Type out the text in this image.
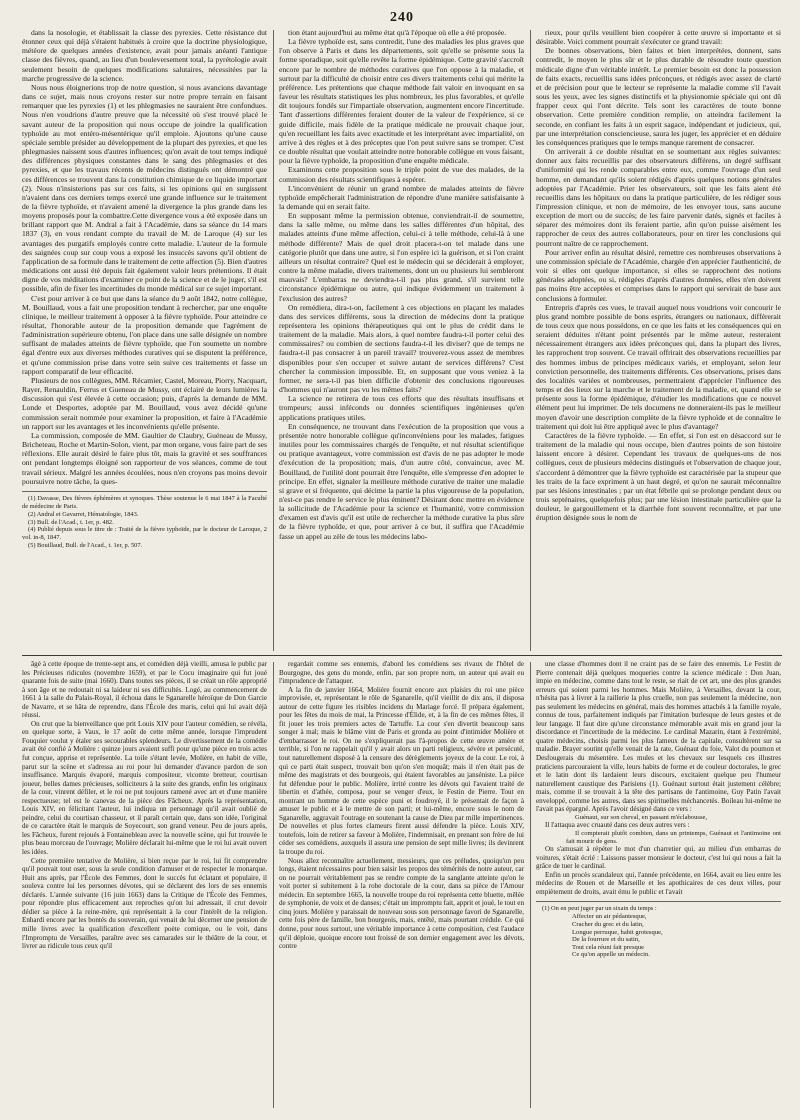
240

dans la nosologie, et établissait la classe des pyrexies. Cette résistance dut étonner ceux qui déjà s'étaient habitués à croire que la doctrine physiologique, météore de quelques années d'existence, avait pour jamais anéanti l'antique classe des fièvres, quand, au lieu d'un bouleversement total, la pyrétologie avait seulement besoin de quelques modifications salutaires, nécessitées par la marche progressive de la science.

Nous nous éloignerions trop de notre question, si nous avancions davantage dans ce sujet, mais nous croyons rester sur notre propre terrain en faisant remarquer que les pyrexies (1) et les phlegmasies ne sauraient être confondues. Nous n'en voudrions d'autre preuve que la nécessité où s'est trouvé placé le savant auteur de la proposition qui nous occupe de joindre la qualification typhoïde au mot entéro-mésentérique qu'il emploie. Ajoutons qu'une cause spéciale semble présider au développement de la plupart des pyrexies, et que les phlegmasies naissent sous d'autres influences; qu'on avait de tout temps indiqué des différences physiques constantes dans le sang des phlegmasies et des pyrexies, et que les travaux récents de médecins distingués ont démontré que ces différences se trouvent dans la constitution chimique de ce liquide important (2). Nous n'insisterions pas sur ces faits, si les opinions qui en surgissent n'avaient dans ces derniers temps exercé une grande influence sur le traitement de la fièvre typhoïde, et n'avaient amené la divergence la plus grande dans les moyens proposés pour la combattre.Cette divergence vous a été exposée dans un brillant rapport que M. Andral a fait à l'Académie, dans sa séance du 14 mars 1837 (3), en vous rendant compte du travail de M. de Laroque (4) sur les avantages des purgatifs employés contre cette maladie. L'auteur de la formule des saignées coup sur coup vous a exposé les insuccès savons qu'il obtient de l'application de sa formule dans le traitement de cette affection (5). Bien d'autres médications ont aussi été depuis fait également valoir leurs prétentions. Il était digne de vos méditations d'examiner ce point de la science et de le juger, s'il est possible, afin de fixer les incertitudes du monde médical sur ce sujet important.

C'est pour arriver à ce but que dans la séance du 9 août 1842, notre collègue, M. Bouillaud, vous a fait une proposition tendant à rechercher, par une enquête clinique, le meilleur traitement à opposer à la fièvre typhoïde. Pour atteindre ce résultat, l'honorable auteur de la proposition demande que l'agrément de l'administration supérieure obtenu, l'on place dans une salle désignée un nombre suffisant de malades atteints de fièvre typhoïde, que l'on soumette un nombre égal d'entre eux aux diverses méthodes curatives qui se disputent la préférence, et qu'une commission prise dans votre sein suive ces traitements et fasse un rapport comparatif de leur efficacité.

Plusieurs de nos collègues, MM. Récamier, Castel, Moreau, Piorry, Nacquart, Rayer, Renauldin, Ferrus et Gueneau de Mussy, ont éclairé de leurs lumières la discussion qui s'est élevée à cette occasion; puis, d'après la demande de MM. Londe et Desportes, adoptée par M. Bouillaud, vous avez décidé qu'une commission serait nommée pour examiner la proposition, et faire à l'Académie un rapport sur les avantages et les inconvénients qu'elle présente.

La commission, composée de MM. Gaultier de Claubry, Guéneau de Mussy, Bricheteau, Roche et Martin-Solon, vient, par mon organe, vous faire part de ses réflexions. Elle aurait désiré le faire plus tôt, mais la gravité et ses souffrances ont pendant longtemps éloigné son rapporteur de vos séances, comme de tout travail sérieux. Malgré les années écoulées, nous n'en croyons pas moins devoir poursuivre notre tâche, la ques-

(1) Davasse, Des fièvres éphémères et synoques. Thèse soutenue le 6 mai 1847 à la Faculté de médecine de Paris.
(2) Andral et Gavarret, Hématologie, 1843.
(3) Bull. de l'Acad., t. 1er, p. 482.
(4) Publié depuis sous le titre de : Traité de la fièvre typhoïde, par le docteur de Laroque, 2 vol. in-8, 1847.
(5) Bouillaud, Bull. de l'Acad., t. 1er, p. 507.

tion étant aujourd'hui au même état qu'à l'époque où elle a été proposée.

La fièvre typhoïde est, sans contredit, l'une des maladies les plus graves que l'on observe à Paris et dans les départements, soit qu'elle se présente sous la forme sporadique, soit qu'elle revête la forme épidémique. Cette gravité s'accroît encore par le nombre de méthodes curatives que l'on oppose à la maladie, et surtout par la difficulté de choisir entre ces divers traitements celui qui mérite la préférence. Les prétentions que chaque méthode fait valoir en invoquant en sa faveur les résultats statistiques les plus nombreux, les plus favorables, et qu'elle dit toujours fondés sur l'impartiale observation, augmentent encore l'incertitude. Tant d'assertions différentes feraient douter de la valeur de l'expérience, si ce guide difficile, mais fidèle de la pratique médicale ne prouvait chaque jour, qu'en recueillant les faits avec exactitude et les interprétant avec impartialité, on arrive à des règles et à des préceptes que l'on peut suivre sans se tromper. C'est ce double résultat que voulait atteindre notre honorable collègue en vous faisant, pour la fièvre typhoïde, la proposition d'une enquête médicale.

Examinons cette proposition sous le triple point de vue des malades, de la commission des résultats scientifiques à espérer.

L'inconvénient de réunir un grand nombre de malades atteints de fièvre typhoïde empêcherait l'administration de répondre d'une manière satisfaisante à la demande qui en serait faite.

En supposant même la permission obtenue, conviendrait-il de soumettre, dans la salle même, ou même dans les salles différentes d'un hôpital, des malades atteints d'une même affection, celui-ci à telle méthode, celui-là à une méthode différente? Mais de quel droit placera-t-on tel malade dans une catégorie plutôt que dans une autre, si l'on espère ici la guérison, et si l'on craint ailleurs un résultat contraire? Quel est le médecin qui se déciderait à employer, contre la même maladie, divers traitements, dont un ou plusieurs lui sembleront mauvais? L'embarras ne deviendra-t-il pas plus grand, s'il survient telle circonstance épidémique ou autre, qui indique évidemment un traitement à l'exclusion des autres?

On remédiera, dira-t-on, facilement à ces objections en plaçant les malades dans des services différents, sous la direction de médecins dont la pratique représentera les opinions thérapeutiques qui ont le plus de crédit dans le traitement de la maladie. Mais alors, à quel nombre faudra-t-il porter celui des commissaires? ou combien de sections faudra-t-il les diviser? que de temps ne faudra-t-il pas consacrer à un pareil travail? trouverez-vous assez de membres disponibles pour s'en occuper et suivre autant de services différens? C'est chercher la commission impossible. Et, en supposant que vous veniez à la former, ne sera-t-il pas bien difficile d'obtenir des conclusions rigoureuses d'hommes qui n'auront pas vu les mêmes faits?

La science ne retirera de tous ces efforts que des résultats insuffisans et trompeurs; aussi inféconds ou données scientifiques ingénieuses qu'en applications pratiques utiles.

En conséquence, ne trouvant dans l'exécution de la proposition que vous a présentée notre honorable collègue qu'inconvéniens pour les malades, fatigues inutiles pour les commissaires chargés de l'enquête, et nul résultat scientifique ou pratique avantageux, votre commission est d'avis de ne pas adopter le mode d'exécution de la proposition; mais, d'un autre côté, convaincue, avec M. Bouillaud, de l'utilité dont pourrait être l'enquête, elle s'empresse d'en adopter le principe. En effet, signaler la meilleure méthode curative de traiter une maladie si grave et si fréquente, qui décime la partie la plus vigoureuse de la population, n'est-ce pas rendre le service le plus éminent? Désirant donc mettre en évidence la sollicitude de l'Académie pour la science et l'humanité, votre commission d'examen est d'avis qu'il est utile de rechercher la méthode curative la plus sûre de la fièvre typhoïde, et que, pour arriver à ce but, il suffira que l'Académie fasse un appel au zèle de tous les médecins labo-

rieux, pour qu'ils veuillent bien coopérer à cette œuvre si importante et si désirable. Voici comment pourrait s'exécuter ce grand travail:

De bonnes observations, bien faites et bien interprétées, donnent, sans contredit, le moyen le plus sûr et le plus durable de résoudre toute question médicale digne d'un véritable intérêt. Le premier besoin est donc la possession de faits exacts, recueillis sans idées préconçues, et rédigés avec assez de clarté et de précision pour que le lecteur se représente la maladie comme s'il l'avait sous les yeux, avec les signes distinctifs et la physionomie spéciale qui ont dû frapper ceux qui l'ont décrite. Tels sont les caractères de toute bonne observation. Cette première condition remplie, on atteindra facilement la seconde, en confiant les faits à un esprit sagace, indépendant et judicieux, qui, par une interprétation consciencieuse, saura les juger, les apprécier et en déduire les conséquences pratiques que le temps manque rarement de consacrer.

On arriverait à ce double résultat en se soumettant aux règles suivantes: donner aux faits recueillis par des observateurs différens, un degré suffisant d'uniformité qui les rende comparables entre eux, comme l'ouvrage d'un seul homme, en demandant qu'ils soient rédigés d'après quelques notions générales adoptées par l'Académie. Prier les observateurs, soit que les faits aient été recueillis dans les hôpitaux ou dans la pratique particulière, de les rédiger sous l'impression clinique, et non de mémoire, de les envoyer tous, sans aucune exception de mort ou de succès; de les faire parvenir datés, signés et faciles à séparer des mémoires dont ils feraient partie, afin qu'on puisse aisément les rapprocher de ceux des autres collaborateurs, pour en tirer les conclusions qui pourront naître de ce rapprochement.

Pour arriver enfin au résultat désiré, remettre ces nombreuses observations à une commission spéciale de l'Académie, chargée d'en apprécier l'authenticité, de voir si elles ont quelque importance, si elles se rapprochent des notions générales adoptées, ou si, rédigées d'après d'autres données, elles n'en doivent pas moins être acceptées et comprises dans le rapport qui servirait de base aux conclusions à formuler.

Entrepris d'après ces vues, le travail auquel nous voudrions voir concourir le plus grand nombre possible de bons esprits, étrangers ou nationaux, différerait de tous ceux que nous possédons, en ce que les faits et les conséquences qui en seraient déduites n'étant point présentés par le même auteur, resteraient nécessairement étrangers aux idées préconçues qui, dans la plupart des livres, les rapprochent trop souvent. Ce travail offrirait des observations recueillies par des hommes imbus de principes médicaux variés, et employant, selon leur conviction personnelle, des traitements différents. Ces observations, prises dans des localités variées et nombreuses, permettraient d'apprécier l'influence des temps et des lieux sur la marche et le traitement de la maladie, et, quand elle se présente sous la forme épidémique, d'étudier les modifications que ce nouvel élément peut lui imprimer. De tels documens ne donneraient-ils pas le meilleur moyen d'avoir une description complète de la fièvre typhoïde et de connaître le traitement qui doit lui être appliqué avec le plus d'avantage?

Caractères de la fièvre typhoïde. — En effet, si l'on est en désaccord sur le traitement de la maladie qui nous occupe, bien d'autres points de son histoire laissent encore à désirer. Cependant les travaux de quelques-uns de nos collègues, ceux de plusieurs médecins distingués et l'observation de chaque jour, s'accordent à démontrer que la fièvre typhoïde est caractérisée par la stupeur que les traits de la face expriment à un haut degré, et qu'on ne saurait méconnaître par ses lésions intestinales ; par un état fébrile qui se prolonge pendant deux ou trois septénaires, quelquefois plus; par une lésion intestinale particulière que la douleur, le gargouillement et la diarrhée font souvent reconnaître, et par une éruption désignée sous le nom de

âgé à cette époque de trente-sept ans, et comédien déjà vieilli, amusa le public par les Précieuses ridicules (novembre 1659), et par le Cocu imaginaire qui fut joué quarante fois de suite (mai 1660). Dans toutes ses pièces, il se créait un rôle approprié à son âge et ne redoutait ni sa laideur ni ses difficultés. Logé, au commencement de 1661 à la salle du Palais-Royal, il échoua dans le Sganarelle héroïque de Don Garcie de Navarre, et se hâta de reprendre, dans l'École des maris, celui qui lui avait déjà réussi.

On crut que la bienveillance que prit Louis XIV pour l'auteur comédien, se révéla, en quelque sorte, à Vaux, le 17 août de cette même année, lorsque l'imprudent Fouquier voulut y étaler ses secourables splendeurs. Le divertissement de la comédie avait été confié à Molière : quinze jours avaient suffi pour qu'une pièce en trois actes fut conçue, apprise et représentée. La toile s'étant levée, Molière, en habit de ville, parut sur la scène et s'adressa au roi pour lui demander d'avance pardon de son insuffisance. Marquis évaporé, marquis compositeur, vicomte bretteur, courtisan joueur, belles dames précieuses, solliciteurs à la suite des grands, enfin les originaux de la cour, vinrent défiler, et le roi ne put toujours ramené avec art et d'une manière respectueuse; tel est le canevas de la pièce des Fâcheux. Après la représentation, Louis XIV, en félicitant l'auteur, lui indiqua un personnage qu'il avait oublié de peindre, celui du courtisan chasseur, et il paraît certain que, dans son idée, l'original de ce caractère était le marquis de Soyecourt, son grand veneur. Peu de jours après, les Fâcheux, furent rejoués à Fontainebleau avec la nouvelle scène, qui fut trouvée le plus beau morceau de l'ouvrage; Molière déclarait lui-même que le roi lui avait ouvert les idées.

Cette première tentative de Molière, si bien reçue par le roi, lui fit comprendre qu'il pouvait tout oser, sous la seule condition d'amuser et de respecter le monarque. Huit ans après, par l'École des Femmes, dont le succès fut éclatant et populaire, il souleva contre lui les personnes dévotes, qui se déclarent des lors de ses ennemis déclarés. L'année suivante (16 juin 1663) dans la Critique de l'École des Femmes, pour répondre plus efficacement aux reproches qu'on lui adressait, il crut devoir dédier sa pièce à la reine-mère, qui représentait à la cour l'intérêt de la religion. Enhardi encore par les bontés du souverain, qui venait de lui décerner une pension de mille livres avec la qualification d'excellent poète comique, ou le voit, dans l'Impromptu de Versailles, paraître avec ses camarades sur le théâtre de la cour, et livrer au ridicule tous ceux qu'il

regardait comme ses ennemis, d'abord les comédiens ses rivaux de l'hôtel de Bourgogne, des gens du monde, enfin, par son propre nom, un auteur qui avait eu l'imprudence de l'attaquer.

A la fin de janvier 1664, Molière fournit encore aux plaisirs du roi une pièce improvisée, et, représentant le rôle de Sganarelle, qu'il vieillit de dix ans, il disposa autour de cette figure les risibles incidens du Mariage forcé. Il prépara également, pour les fêtes du mois de mai, la Princesse d'Élide, et, à la fin de ces mêmes fêtes, il fit jouer les trois premiers actes de Tartuffe. La cour s'en divertit beaucoup sans songer à mal; mais le blâme vint de Paris et gronda au point d'intimider Molière et d'embarrasser le roi. On ne s'expliquerait pas l'à-propos de cette œuvre amère et terrible, si l'on ne rappelait qu'il y avait alors un parti religieux, sévère et persécuté, tout naturellement disposé à la censure des dérèglements joyeux de la cour. Le roi, à qui ce parti était suspect, trouvait bon qu'on s'en moquât; mais il n'en était pas de même des magistrats et des bourgeois, qui étaient favorables au janséniste. La pièce fut défendue pour le public. Molière, irrité contre les dévots qui l'avaient traité de libertin et d'athée, composa, pour se venger d'eux, le Festin de Pierre. Tout en montrant un homme de cette espèce puni et foudroyé, il le présentait de façon à amuser le public et à le mettre de son parti; et lui-même, encore sous le nom de Sganarelle, aggravait l'outrage en soutenant la cause de Dieu par mille impertinences. De nouvelles et plus fortes clameurs firent aussi défendre la pièce. Louis XIV, toutefois, loin de retirer sa faveur à Molière, l'indemnisait, en prenant son frère de lui céder ses comédiens, auxquels il assura une pension de sept mille livres; ils devinrent la troupe du roi.

Nous allez reconnaître actuellement, messieurs, que ces préludes, quoiqu'un peu longs, étaient nécessaires pour bien saisir les propos des témérités de notre auteur, car on ne pourrait véritablement pas se rendre compte de la sanglante atteinte qu'on le voit porter si subitement à la robe doctorale de la cour, dans sa pièce de l'Amour médecin. En septembre 1665, la nouvelle troupe du roi représenta cette bluette, mêlée de symphonie, de voix et de danses; c'était un impromptu fait, apprit et joué, le tout en cinq jours. Molière y paraissait de nouveau sous son personnage favori de Sganarelle, cette fois père de famille, bon bourgeois, mais, entêté, mais pourtant crédule. Ce qui donne, pour nous surtout, une véritable importance à cette composition, c'est l'audace qu'il déploie, quoique encore tout froissé de son dernier engagement avec les dévots, contre

une classe d'hommes dont il ne craint pas de se faire des ennemis. Le Festin de Pierre contenait déjà quelques moqueries contre la science médicale : Don Juan, impie en médecine, comme dans tout le reste, se riait de cet art, une des plus grandes erreurs qui soient parmi les hommes. Mais Molière, à Versailles, devant la cour, n'hésita pas à livrer à la raillerie la plus cruelle, non pas seulement la médecine, non pas seulement les médecins en général, mais des hommes attachés à la famille royale, connus de tous, parfaitement indiqués par l'imitation burlesque de leurs gestes et de leur langage. Il faut dire qu'une circonstance mémorable avait mis en grand jour la discordance et l'incertitude de la médecine. Le cardinal Mazarin, étant à l'extrémité, quatre médecins, choisis parmi les plus fameux de la capitale, consultèrent sur sa maladie. Brayer soutint qu'elle venait de la rate, Guénaut du foie, Valot du poumon et Desfougerais du mésentère. Les mules et les chevaux sur lesquels ces illustres praticiens parcouraient la ville, leurs habits de forme et de couleur doctorales, le grec et le latin dont ils lardaient leurs discours, excitaient quelque peu l'humeur naturellement caustique des Parisiens (1). Guénaut surtout était justement célèbre; mais, comme il se trouvait à la tête des partisans de l'antimoine, Guy Patin l'avait enveloppé, comme les autres, dans ses spirituelles méchancetés. Boileau lui-même ne l'avait pas épargné. Après l'avoir désigné dans ce vers :

Guénaut, sur son cheval, en passant m'éclabousse,

Il l'attaqua avec cruauté dans ces deux autres vers :

Il compterait plutôt combien, dans un printemps, Guénaut et l'antimoine ont fait mourir de gens.

On s'amusait à répéter le mot d'un charretier qui, au milieu d'un embarras de voitures, s'était écrié : Laissons passer monsieur le docteur, c'est lui qui nous a fait la grâce de tuer le cardinal.

Enfin un procès scandaleux qui, l'année précédente, en 1664, avait eu lieu entre les médecins de Rouen et de Marseille et les apothicaires de ces deux villes, pour empiètement de droits, avait ému le public et l'avait

(1) On en peut juger par un sixain du temps :
Affecter un air pédantesque,
Cracher du grec et du latin,
Longue perruque, habit grotesque,
De la fourrure et du satin,
Tout cela réuni fait presque
Ce qu'on appelle un médecin.
